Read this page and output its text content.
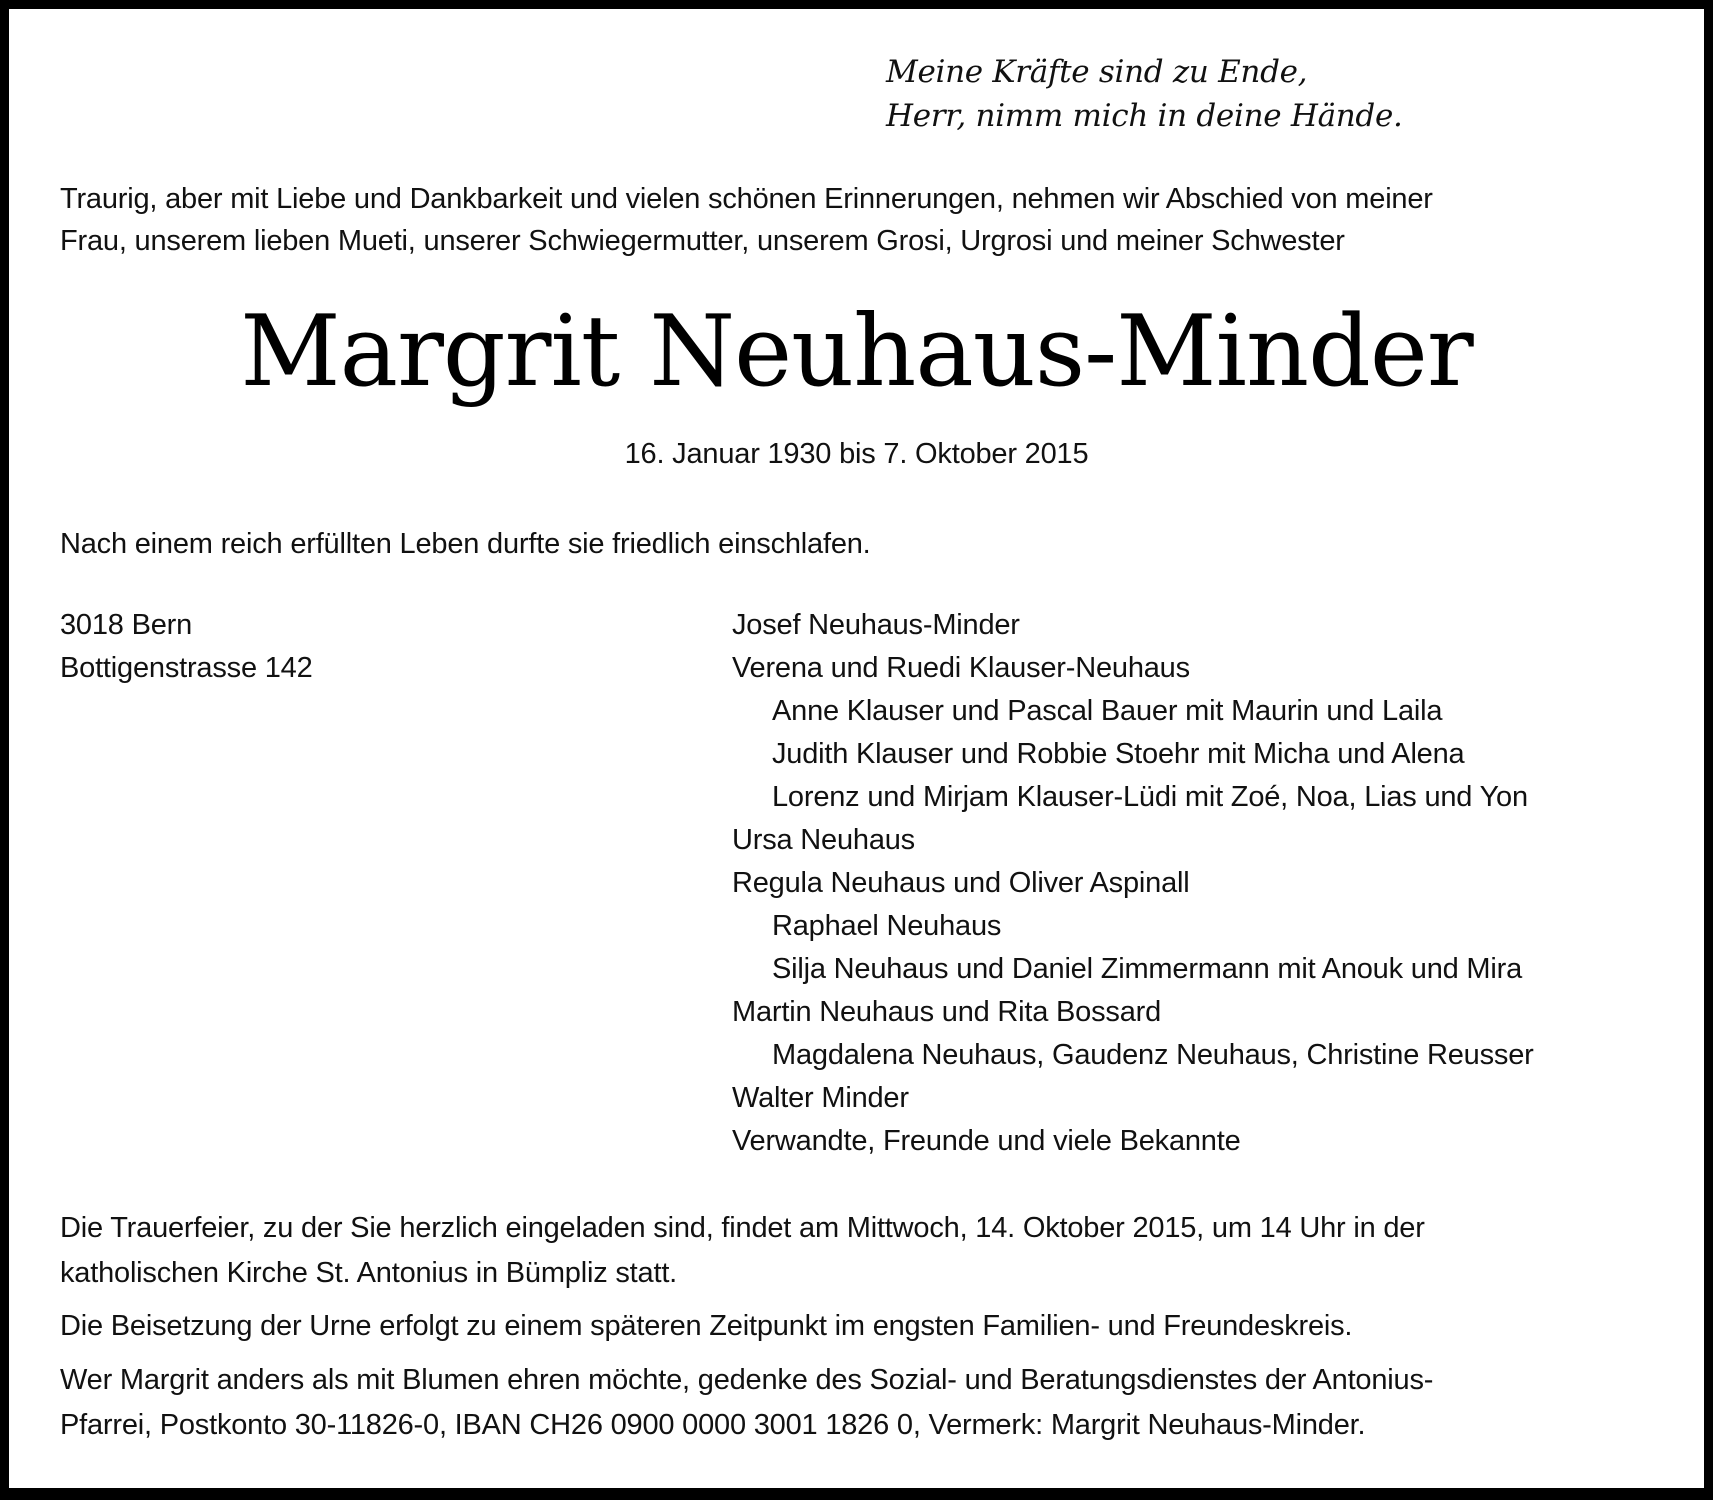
Meine Kräfte sind zu Ende,
Herr, nimm mich in deine Hände.
Traurig, aber mit Liebe und Dankbarkeit und vielen schönen Erinnerungen, nehmen wir Abschied von meiner
Frau, unserem lieben Mueti, unserer Schwiegermutter, unserem Grosi, Urgrosi und meiner Schwester
Margrit Neuhaus-Minder
16. Januar 1930 bis 7. Oktober 2015
Nach einem reich erfüllten Leben durfte sie friedlich einschlafen.
3018 Bern
Bottigenstrasse 142
Josef Neuhaus-Minder
Verena und Ruedi Klauser-Neuhaus
Anne Klauser und Pascal Bauer mit Maurin und Laila
Judith Klauser und Robbie Stoehr mit Micha und Alena
Lorenz und Mirjam Klauser-Lüdi mit Zoé, Noa, Lias und Yon
Ursa Neuhaus
Regula Neuhaus und Oliver Aspinall
Raphael Neuhaus
Silja Neuhaus und Daniel Zimmermann mit Anouk und Mira
Martin Neuhaus und Rita Bossard
Magdalena Neuhaus, Gaudenz Neuhaus, Christine Reusser
Walter Minder
Verwandte, Freunde und viele Bekannte
Die Trauerfeier, zu der Sie herzlich eingeladen sind, findet am Mittwoch, 14. Oktober 2015, um 14 Uhr in der
katholischen Kirche St. Antonius in Bümpliz statt.
Die Beisetzung der Urne erfolgt zu einem späteren Zeitpunkt im engsten Familien- und Freundeskreis.
Wer Margrit anders als mit Blumen ehren möchte, gedenke des Sozial- und Beratungsdienstes der Antonius-
Pfarrei, Postkonto 30-11826-0, IBAN CH26 0900 0000 3001 1826 0, Vermerk: Margrit Neuhaus-Minder.
